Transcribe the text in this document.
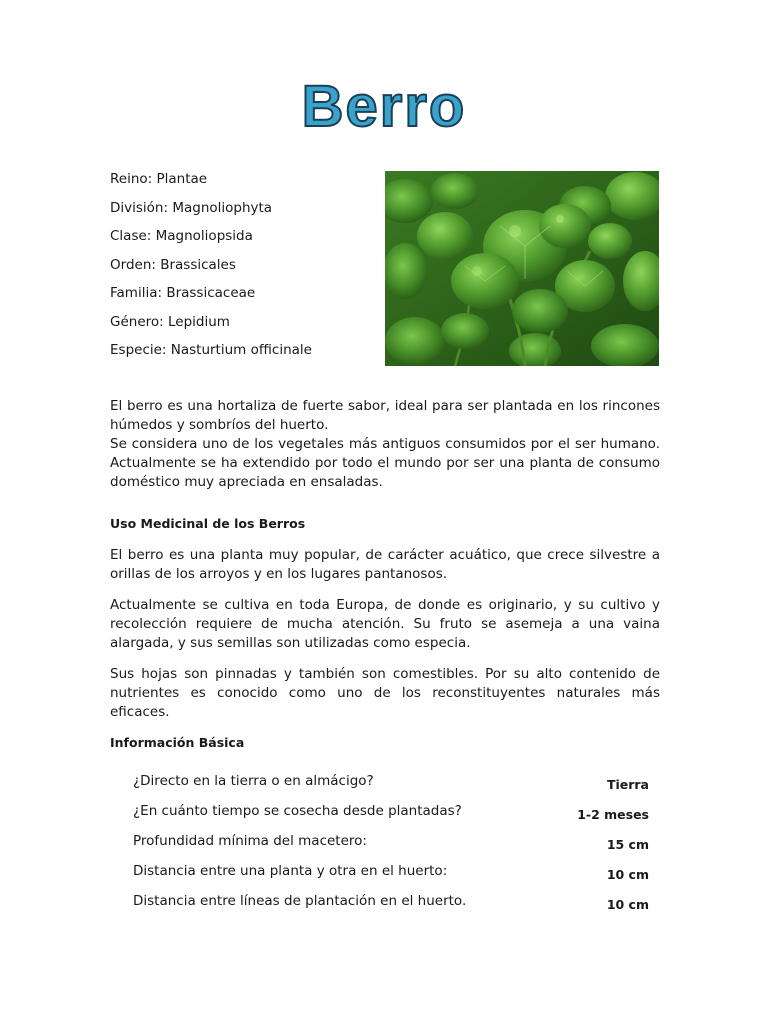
Berro
Reino: Plantae
División: Magnoliophyta
Clase: Magnoliopsida
Orden: Brassicales
Familia: Brassicaceae
Género: Lepidium
Especie: Nasturtium officinale

El berro es una hortaliza de fuerte sabor, ideal para ser plantada en los rincones húmedos y sombríos del huerto.

Se considera uno de los vegetales más antiguos consumidos por el ser humano. Actualmente se ha extendido por todo el mundo por ser una planta de consumo doméstico muy apreciada en ensaladas.

Uso Medicinal de los Berros

El berro es una planta muy popular, de carácter acuático, que crece silvestre a orillas de los arroyos y en los lugares pantanosos.

Actualmente se cultiva en toda Europa, de donde es originario, y su cultivo y recolección requiere de mucha atención. Su fruto se asemeja a una vaina alargada, y sus semillas son utilizadas como especia.

Sus hojas son pinnadas y también son comestibles. Por su alto contenido de nutrientes es conocido como uno de los reconstituyentes naturales más eficaces.

Información Básica
¿Directo en la tierra o en almácigo?	Tierra
¿En cuánto tiempo se cosecha desde plantadas?	1-2 meses
Profundidad mínima del macetero:	15 cm
Distancia entre una planta y otra en el huerto:	10 cm
Distancia entre líneas de plantación en el huerto.	10 cm
